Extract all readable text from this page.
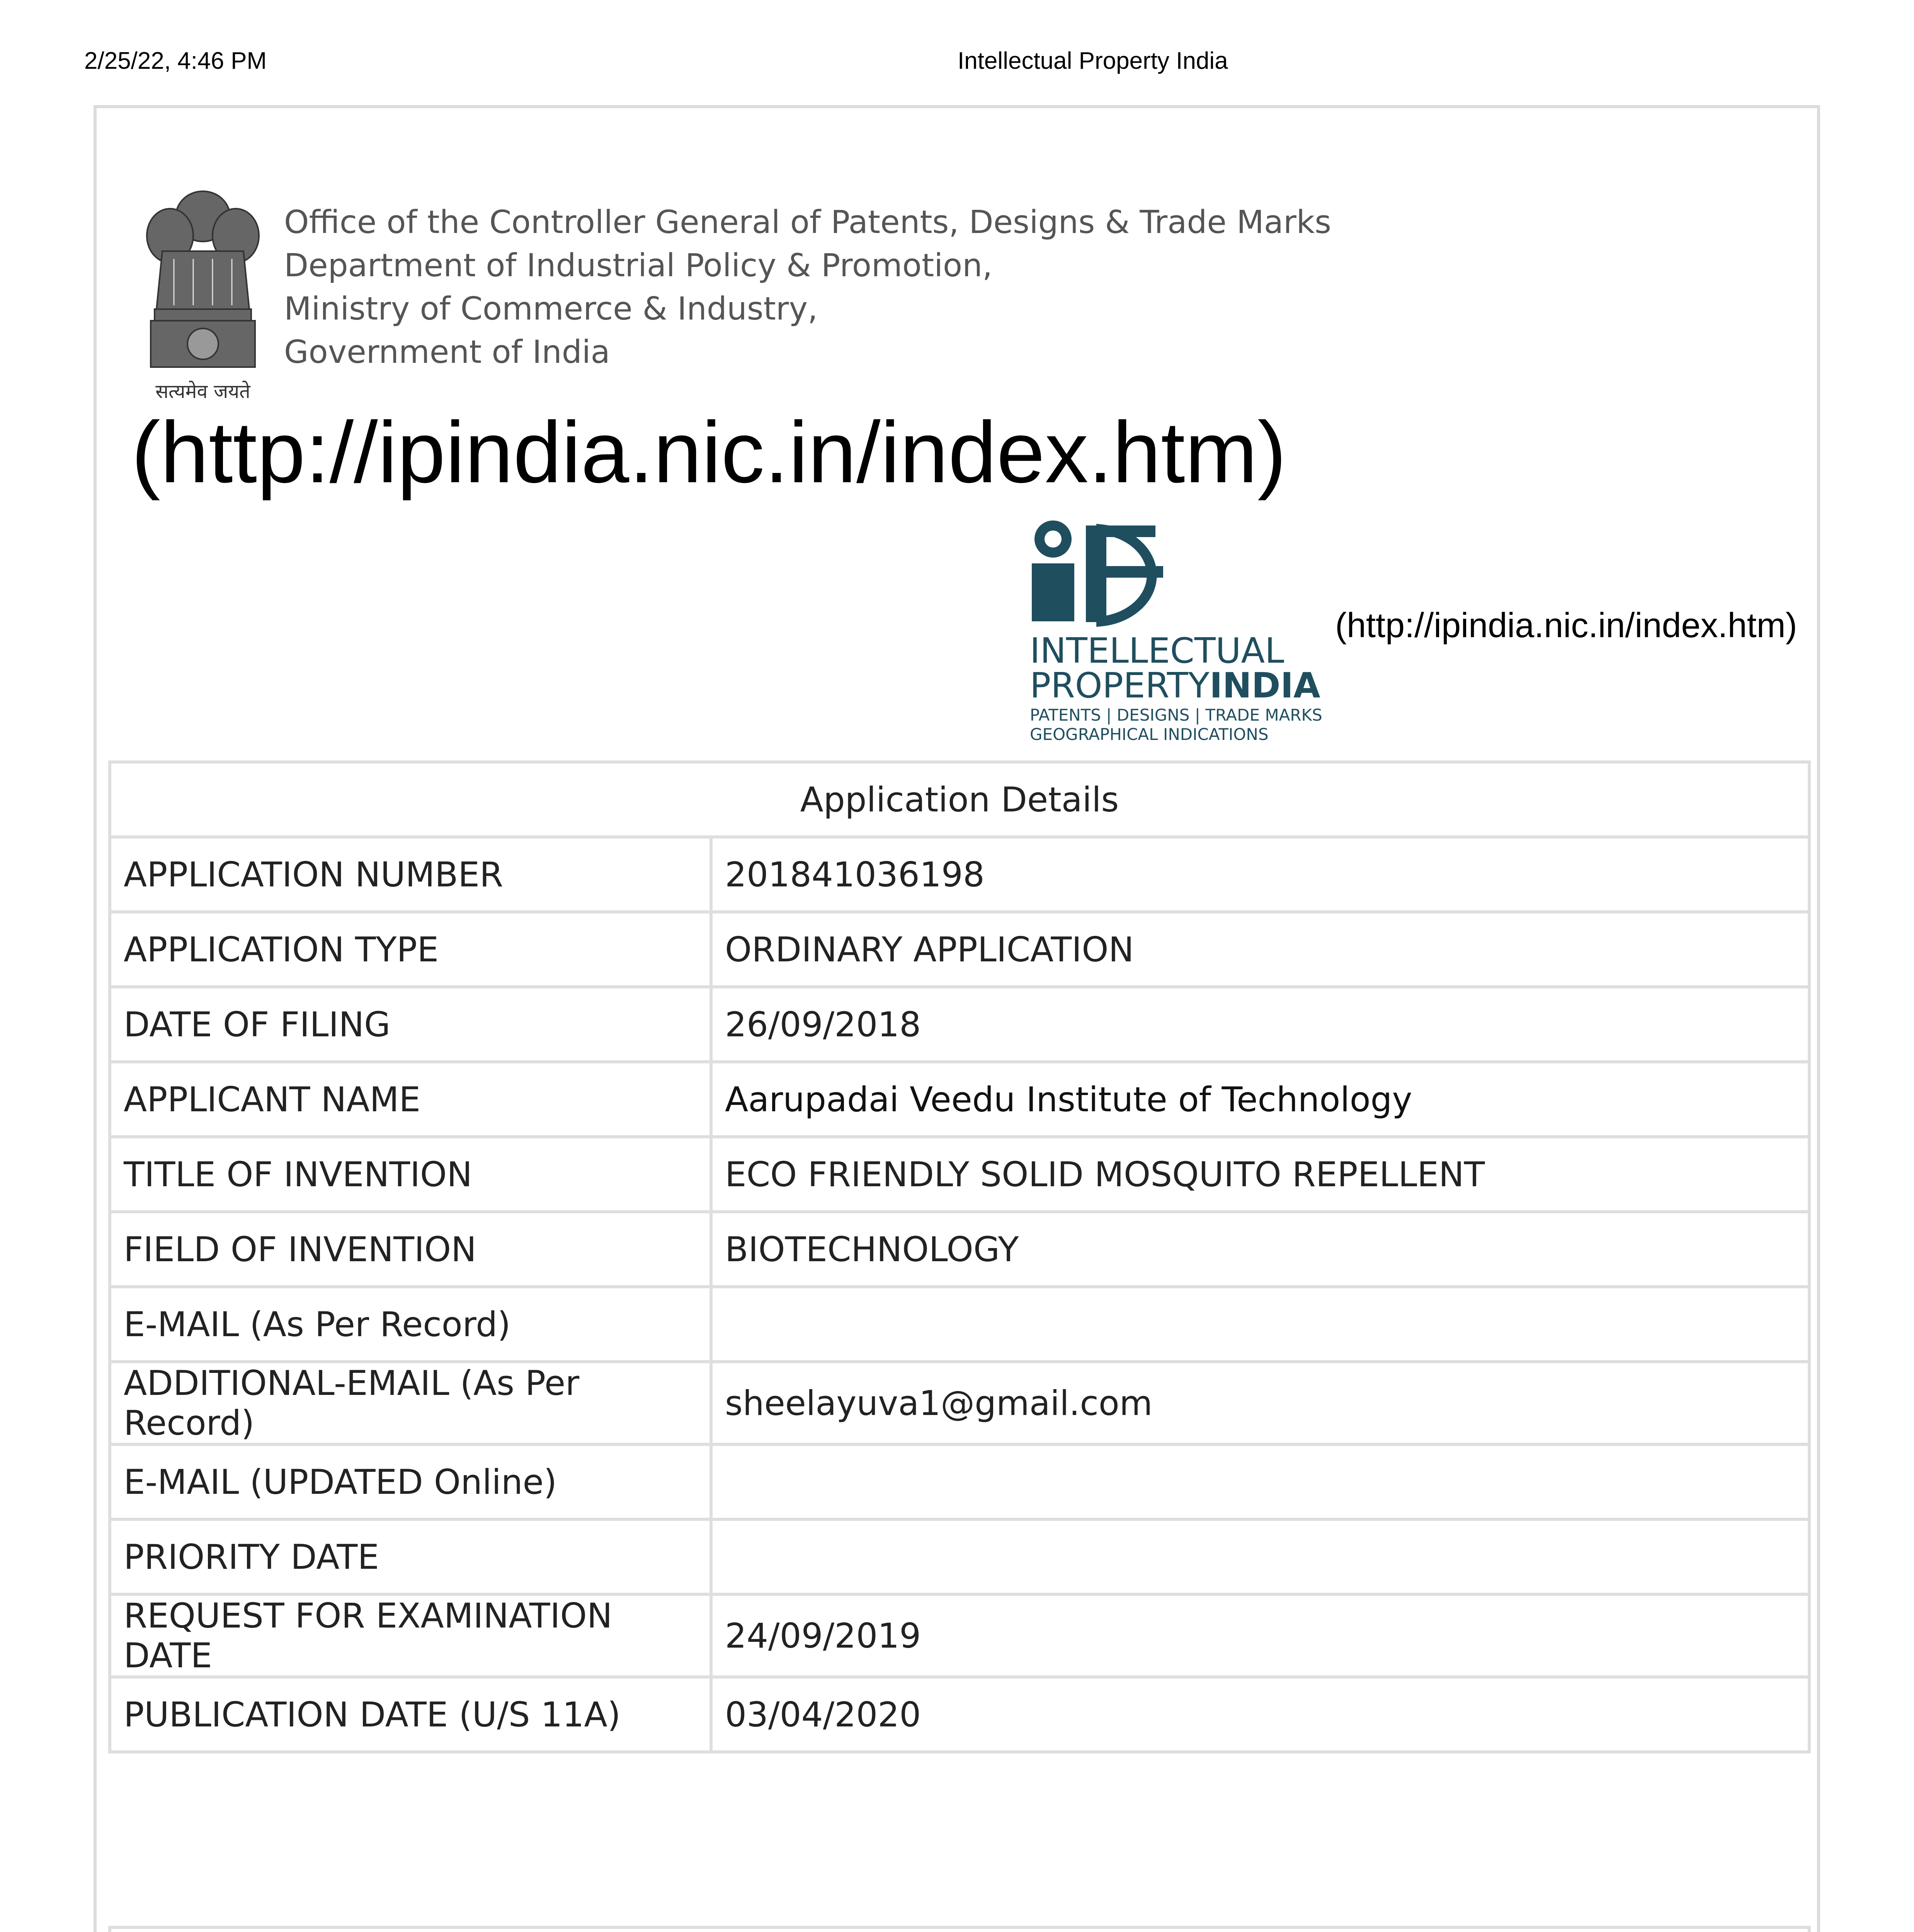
2/25/22, 4:46 PM	Intellectual Property India
सत्यमेव जयते
Office of the Controller General of Patents, Designs & Trade Marks
Department of Industrial Policy & Promotion,
Ministry of Commerce & Industry,
Government of India
(http://ipindia.nic.in/index.htm)
INTELLECTUAL
PROPERTY INDIA
PATENTS | DESIGNS | TRADE MARKS
GEOGRAPHICAL INDICATIONS
(http://ipindia.nic.in/index.htm)
Application Details	
APPLICATION NUMBER	201841036198
APPLICATION TYPE	ORDINARY APPLICATION
DATE OF FILING	26/09/2018
APPLICANT NAME	Aarupadai Veedu Institute of Technology
TITLE OF INVENTION	ECO FRIENDLY SOLID MOSQUITO REPELLENT
FIELD OF INVENTION	BIOTECHNOLOGY
E-MAIL (As Per Record)	
ADDITIONAL-EMAIL (As Per Record)	sheelayuva1@gmail.com
E-MAIL (UPDATED Online)	
PRIORITY DATE	
REQUEST FOR EXAMINATION DATE	24/09/2019
PUBLICATION DATE (U/S 11A)	03/04/2020
